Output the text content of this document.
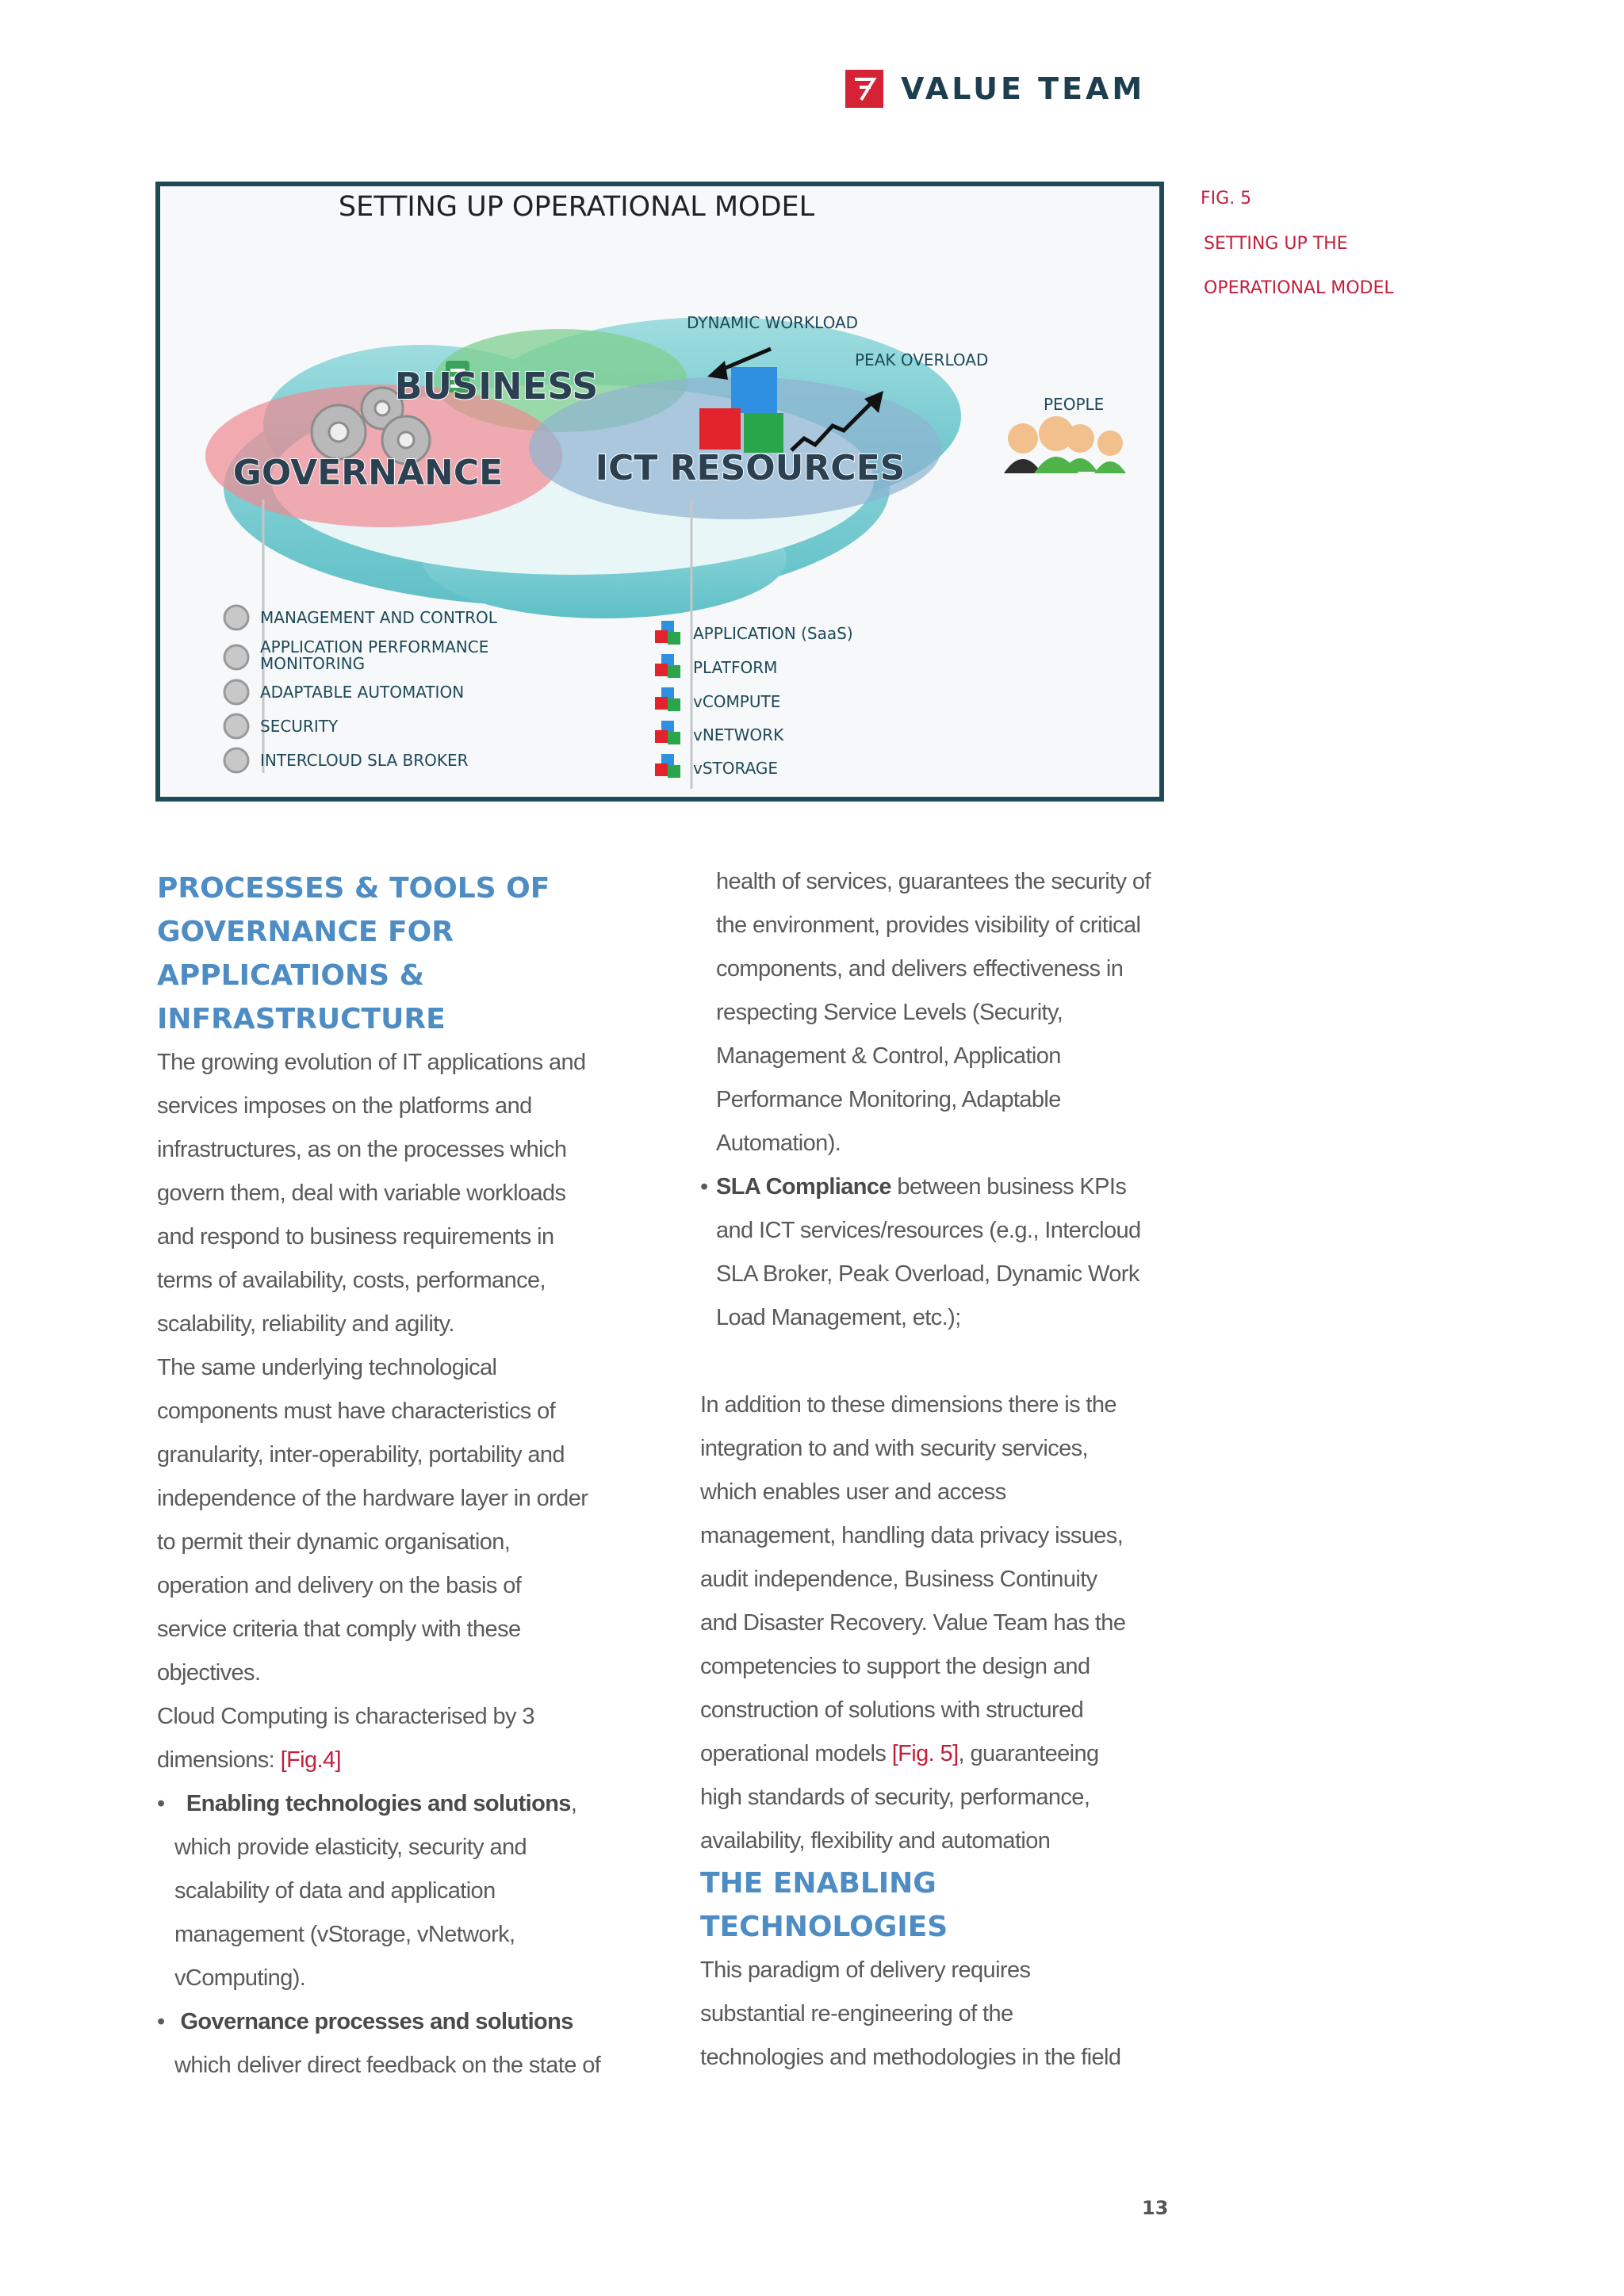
VALUE TEAM
SETTING UP OPERATIONAL MODEL
BUSINESS
GOVERNANCE	ICT RESOURCES
DYNAMIC WORKLOAD
PEAK OVERLOAD
PEOPLE
MANAGEMENT AND CONTROL
APPLICATION PERFORMANCE
MONITORING
ADAPTABLE AUTOMATION
SECURITY
INTERCLOUD SLA BROKER
APPLICATION (SaaS)
PLATFORM
vCOMPUTE
vNETWORK
vSTORAGE
FIG. 5
SETTING UP THE
OPERATIONAL MODEL
PROCESSES & TOOLS OF
GOVERNANCE FOR
APPLICATIONS &
INFRASTRUCTURE
The growing evolution of IT applications and
services imposes on the platforms and
infrastructures, as on the processes which
govern them, deal with variable workloads
and respond to business requirements in
terms of availability, costs, performance,
scalability, reliability and agility.
The same underlying technological
components must have characteristics of
granularity, inter-operability, portability and
independence of the hardware layer in order
to permit their dynamic organisation,
operation and delivery on the basis of
service criteria that comply with these
objectives.
Cloud Computing is characterised by 3
dimensions: [Fig.4]
• Enabling technologies and solutions,
which provide elasticity, security and
scalability of data and application
management (vStorage, vNetwork,
vComputing).
• Governance processes and solutions
which deliver direct feedback on the state of
health of services, guarantees the security of
the environment, provides visibility of critical
components, and delivers effectiveness in
respecting Service Levels (Security,
Management & Control, Application
Performance Monitoring, Adaptable
Automation).
• SLA Compliance between business KPIs
and ICT services/resources (e.g., Intercloud
SLA Broker, Peak Overload, Dynamic Work
Load Management, etc.);
In addition to these dimensions there is the
integration to and with security services,
which enables user and access
management, handling data privacy issues,
audit independence, Business Continuity
and Disaster Recovery. Value Team has the
competencies to support the design and
construction of solutions with structured
operational models [Fig. 5], guaranteeing
high standards of security, performance,
availability, flexibility and automation
THE ENABLING
TECHNOLOGIES
This paradigm of delivery requires
substantial re-engineering of the
technologies and methodologies in the field
13
